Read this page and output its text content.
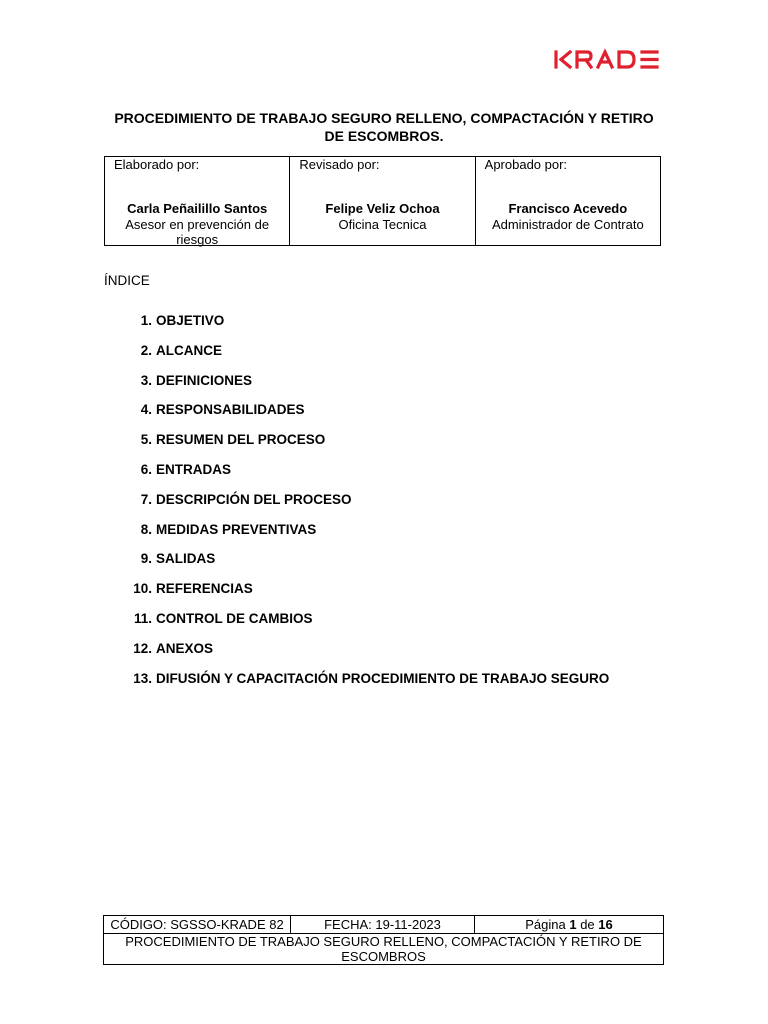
PROCEDIMIENTO DE TRABAJO SEGURO RELLENO, COMPACTACIÓN Y RETIRO DE ESCOMBROS.
Elaborado por:
Carla Peñailillo Santos
Asesor en prevención de riesgos

Revisado por:
Felipe Veliz Ochoa
Oficina Tecnica

Aprobado por:
Francisco Acevedo
Administrador de Contrato
ÍNDICE
1. OBJETIVO
2. ALCANCE
3. DEFINICIONES
4. RESPONSABILIDADES
5. RESUMEN DEL PROCESO
6. ENTRADAS
7. DESCRIPCIÓN DEL PROCESO
8. MEDIDAS PREVENTIVAS
9. SALIDAS
10. REFERENCIAS
11. CONTROL DE CAMBIOS
12. ANEXOS
13. DIFUSIÓN Y CAPACITACIÓN PROCEDIMIENTO DE TRABAJO SEGURO
CÓDIGO: SGSSO-KRADE 82	FECHA: 19-11-2023	Página 1 de 16
PROCEDIMIENTO DE TRABAJO SEGURO RELLENO, COMPACTACIÓN Y RETIRO DE ESCOMBROS
